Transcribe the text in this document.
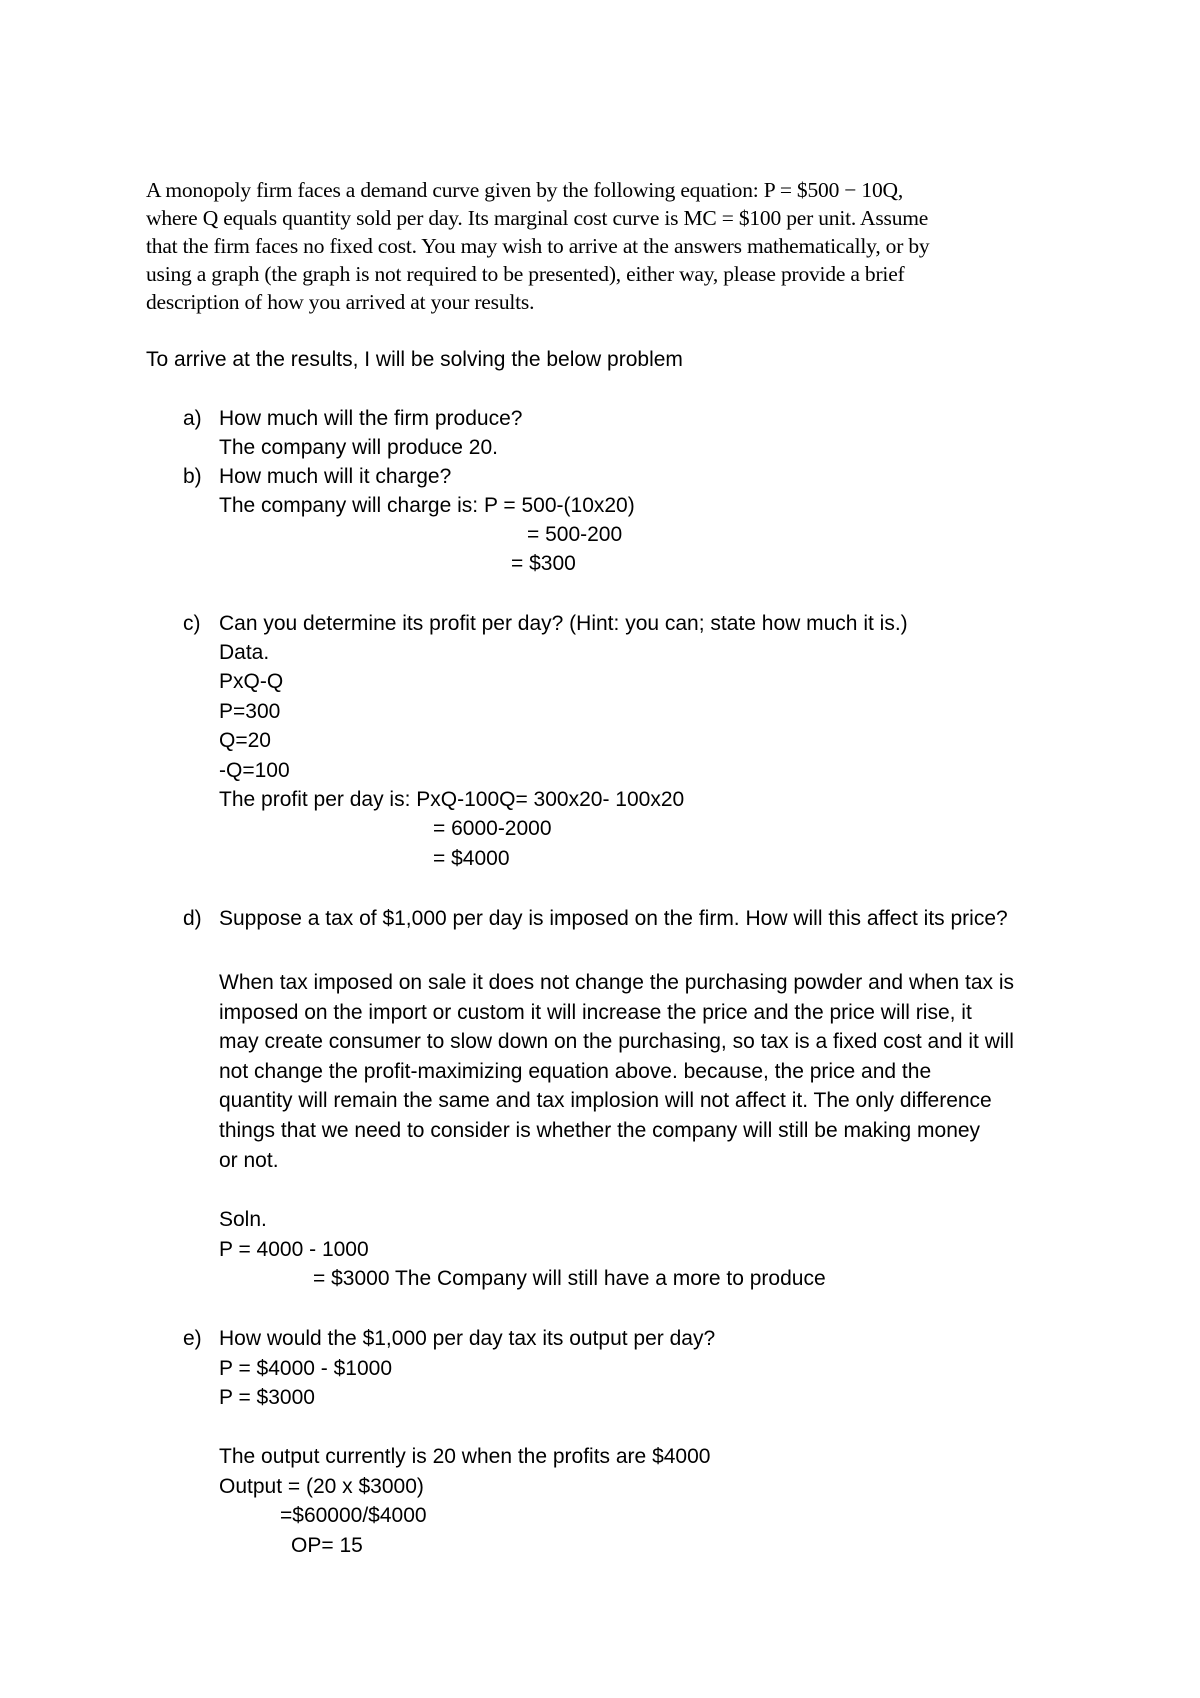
A monopoly firm faces a demand curve given by the following equation: P = $500 − 10Q,
where Q equals quantity sold per day. Its marginal cost curve is MC = $100 per unit. Assume
that the firm faces no fixed cost. You may wish to arrive at the answers mathematically, or by
using a graph (the graph is not required to be presented), either way, please provide a brief
description of how you arrived at your results.
To arrive at the results, I will be solving the below problem
a) How much will the firm produce?
The company will produce 20.
b) How much will it charge?
The company will charge is: P = 500-(10x20)
= 500-200
= $300
c) Can you determine its profit per day? (Hint: you can; state how much it is.)
Data.
PxQ-Q
P=300
Q=20
-Q=100
The profit per day is: PxQ-100Q= 300x20- 100x20
= 6000-2000
= $4000
d) Suppose a tax of $1,000 per day is imposed on the firm. How will this affect its price?
When tax imposed on sale it does not change the purchasing powder and when tax is
imposed on the import or custom it will increase the price and the price will rise, it
may create consumer to slow down on the purchasing, so tax is a fixed cost and it will
not change the profit-maximizing equation above. because, the price and the
quantity will remain the same and tax implosion will not affect it. The only difference
things that we need to consider is whether the company will still be making money
or not.
Soln.
P = 4000 - 1000
= $3000 The Company will still have a more to produce
e) How would the $1,000 per day tax its output per day?
P = $4000 - $1000
P = $3000
The output currently is 20 when the profits are $4000
Output = (20 x $3000)
=$60000/$4000
OP= 15
